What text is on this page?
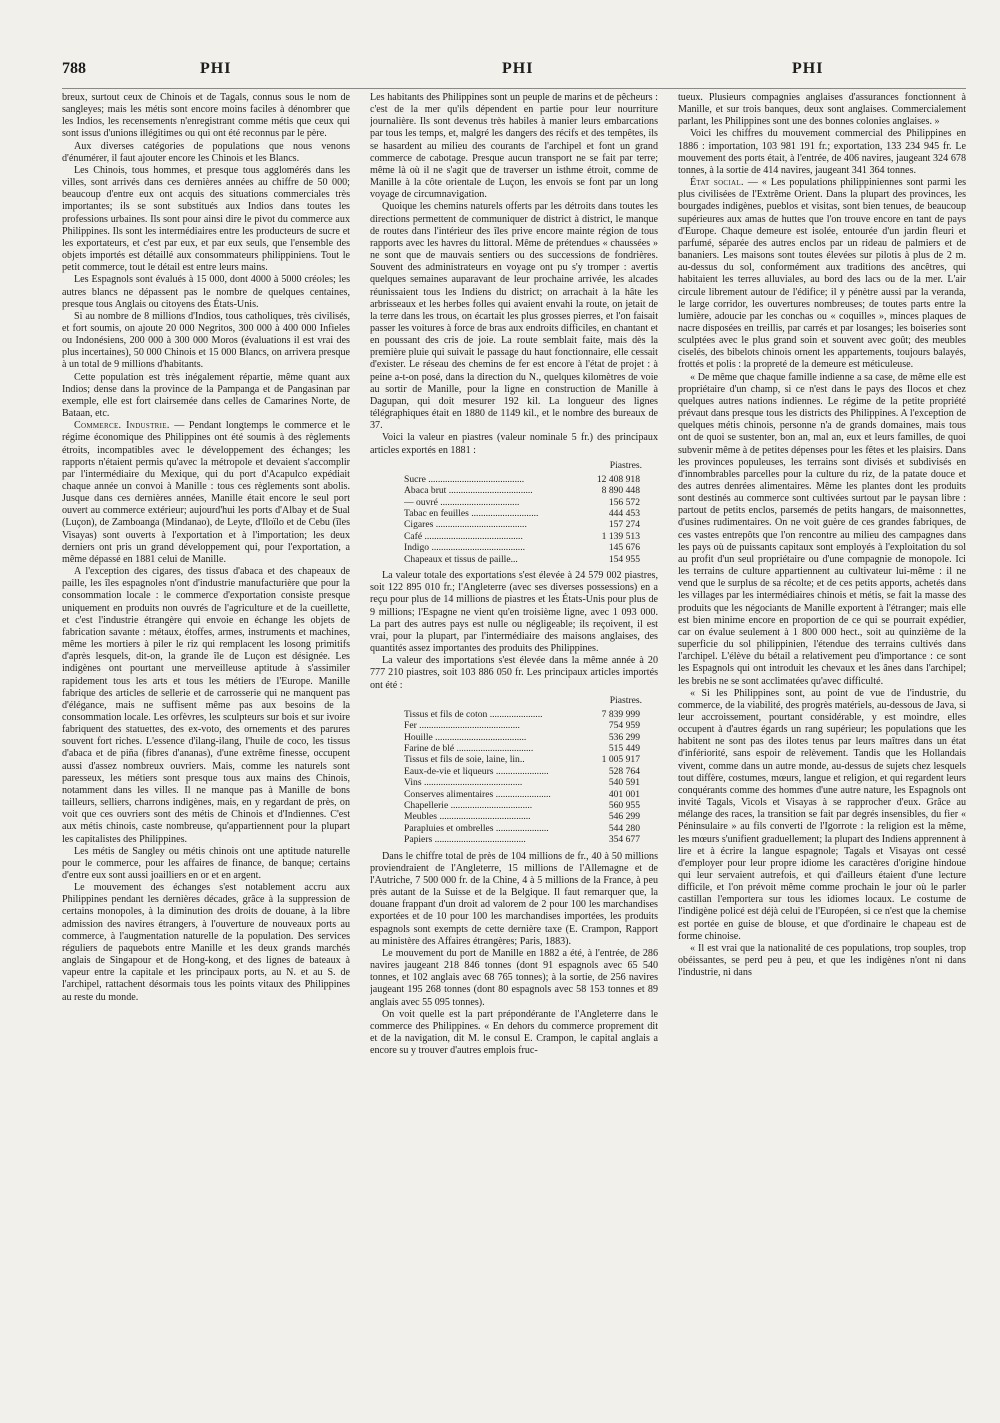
788	PHI	PHI	PHI

breux, surtout ceux de Chinois et de Tagals, connus sous le nom de sangleyes; mais les métis sont encore moins faciles à dénombrer que les Indios, les recensements n'enregistrant comme métis que ceux qui sont issus d'unions illégitimes ou qui ont été reconnus par le père.

Aux diverses catégories de populations que nous venons d'énumérer, il faut ajouter encore les Chinois et les Blancs.

Les Chinois, tous hommes, et presque tous agglomérés dans les villes, sont arrivés dans ces dernières années au chiffre de 50 000; beaucoup d'entre eux ont acquis des situations commerciales très importantes; ils se sont substitués aux Indios dans toutes les professions urbaines. Ils sont pour ainsi dire le pivot du commerce aux Philippines. Ils sont les intermédiaires entre les producteurs de sucre et les exportateurs, et c'est par eux, et par eux seuls, que l'ensemble des objets importés est détaillé aux consommateurs philippiniens. Tout le petit commerce, tout le détail est entre leurs mains.

Les Espagnols sont évalués à 15 000, dont 4000 à 5000 créoles; les autres blancs ne dépassent pas le nombre de quelques centaines, presque tous Anglais ou citoyens des États-Unis.

Si au nombre de 8 millions d'Indios, tous catholiques, très civilisés, et fort soumis, on ajoute 20 000 Negritos, 300 000 à 400 000 Infieles ou Indonésiens, 200 000 à 300 000 Moros (évaluations il est vrai des plus incertaines), 50 000 Chinois et 15 000 Blancs, on arrivera presque à un total de 9 millions d'habitants.

Cette population est très inégalement répartie, même quant aux Indios; dense dans la province de la Pampanga et de Pangasinan par exemple, elle est fort clairsemée dans celles de Camarines Norte, de Bataan, etc.

Commerce. Industrie. — Pendant longtemps le commerce et le régime économique des Philippines ont été soumis à des règlements étroits, incompatibles avec le développement des échanges; les rapports n'étaient permis qu'avec la métropole et devaient s'accomplir par l'intermédiaire du Mexique, qui du port d'Acapulco expédiait chaque année un convoi à Manille : tous ces règlements sont abolis. Jusque dans ces dernières années, Manille était encore le seul port ouvert au commerce extérieur; aujourd'hui les ports d'Albay et de Sual (Luçon), de Zamboanga (Mindanao), de Leyte, d'Iloïlo et de Cebu (îles Visayas) sont ouverts à l'exportation et à l'importation; les deux derniers ont pris un grand développement qui, pour l'exportation, a même dépassé en 1881 celui de Manille.

A l'exception des cigares, des tissus d'abaca et des chapeaux de paille, les îles espagnoles n'ont d'industrie manufacturière que pour la consommation locale : le commerce d'exportation consiste presque uniquement en produits non ouvrés de l'agriculture et de la cueillette, et c'est l'industrie étrangère qui envoie en échange les objets de fabrication savante : métaux, étoffes, armes, instruments et machines, même les mortiers à piler le riz qui remplacent les losong primitifs d'après lesquels, dit-on, la grande île de Luçon est désignée. Les indigènes ont pourtant une merveilleuse aptitude à s'assimiler rapidement tous les arts et tous les métiers de l'Europe. Manille fabrique des articles de sellerie et de carrosserie qui ne manquent pas d'élégance, mais ne suffisent même pas aux besoins de la consommation locale. Les orfèvres, les sculpteurs sur bois et sur ivoire fabriquent des statuettes, des ex-voto, des ornements et des parures souvent fort riches. L'essence d'ilang-ilang, l'huile de coco, les tissus d'abaca et de piña (fibres d'ananas), d'une extrême finesse, occupent aussi d'assez nombreux ouvriers. Mais, comme les naturels sont paresseux, les métiers sont presque tous aux mains des Chinois, notamment dans les villes. Il ne manque pas à Manille de bons tailleurs, selliers, charrons indigènes, mais, en y regardant de près, on voit que ces ouvriers sont des métis de Chinois et d'Indiennes. C'est aux métis chinois, caste nombreuse, qu'appartiennent pour la plupart les capitalistes des Philippines.

Les métis de Sangley ou métis chinois ont une aptitude naturelle pour le commerce, pour les affaires de finance, de banque; certains d'entre eux sont aussi joailliers en or et en argent.

Le mouvement des échanges s'est notablement accru aux Philippines pendant les dernières décades, grâce à la suppression de certains monopoles, à la diminution des droits de douane, à la libre admission des navires étrangers, à l'ouverture de nouveaux ports au commerce, à l'augmentation naturelle de la population. Des services réguliers de paquebots entre Manille et les deux grands marchés anglais de Singapour et de Hong-kong, et des lignes de bateaux à vapeur entre la capitale et les principaux ports, au N. et au S. de l'archipel, rattachent désormais tous les points vitaux des Philippines au reste du monde.

Les habitants des Philippines sont un peuple de marins et de pêcheurs : c'est de la mer qu'ils dépendent en partie pour leur nourriture journalière. Ils sont devenus très habiles à manier leurs embarcations par tous les temps, et, malgré les dangers des récifs et des tempêtes, ils se hasardent au milieu des courants de l'archipel et font un grand commerce de cabotage. Presque aucun transport ne se fait par terre; même là où il ne s'agit que de traverser un isthme étroit, comme de Manille à la côte orientale de Luçon, les envois se font par un long voyage de circumnavigation.

Quoique les chemins naturels offerts par les détroits dans toutes les directions permettent de communiquer de district à district, le manque de routes dans l'intérieur des îles prive encore mainte région de tous rapports avec les havres du littoral. Même de prétendues « chaussées » ne sont que de mauvais sentiers ou des successions de fondrières. Souvent des administrateurs en voyage ont pu s'y tromper : avertis quelques semaines auparavant de leur prochaine arrivée, les alcades réunissaient tous les Indiens du district; on arrachait à la hâte les arbrisseaux et les herbes folles qui avaient envahi la route, on jetait de la terre dans les trous, on écartait les plus grosses pierres, et l'on faisait passer les voitures à force de bras aux endroits difficiles, en chantant et en poussant des cris de joie. La route semblait faite, mais dès la première pluie qui suivait le passage du haut fonctionnaire, elle cessait d'exister. Le réseau des chemins de fer est encore à l'état de projet : à peine a-t-on posé, dans la direction du N., quelques kilomètres de voie au sortir de Manille, pour la ligne en construction de Manille à Dagupan, qui doit mesurer 192 kil. La longueur des lignes télégraphiques était en 1880 de 1149 kil., et le nombre des bureaux de 37.

Voici la valeur en piastres (valeur nominale 5 fr.) des principaux articles exportés en 1881 :

Piastres.
Sucre ........................................	12 408 918
Abaca brut ...................................	8 890 448
— ouvré .................................	156 572
Tabac en feuilles ............................	444 453
Cigares ......................................	157 274
Café .........................................	1 139 513
Indigo .......................................	145 676
Chapeaux et tissus de paille...	154 955

La valeur totale des exportations s'est élevée à 24 579 002 piastres, soit 122 895 010 fr.; l'Angleterre (avec ses diverses possessions) en a reçu pour plus de 14 millions de piastres et les États-Unis pour plus de 9 millions; l'Espagne ne vient qu'en troisième ligne, avec 1 093 000. La part des autres pays est nulle ou négligeable; ils reçoivent, il est vrai, pour la plupart, par l'intermédiaire des maisons anglaises, des quantités assez importantes des produits des Philippines.

La valeur des importations s'est élevée dans la même année à 20 777 210 piastres, soit 103 886 050 fr. Les principaux articles importés ont été :

Piastres.
Tissus et fils de coton ......................	7 839 999
Fer ..........................................	754 959
Houille ......................................	536 299
Farine de blé ................................	515 449
Tissus et fils de soie, laine, lin..	1 005 917
Eaux-de-vie et liqueurs ......................	528 764
Vins .........................................	540 591
Conserves alimentaires .......................	401 001
Chapellerie ..................................	560 955
Meubles ......................................	546 299
Parapluies et ombrelles ......................	544 280
Papiers ......................................	354 677

Dans le chiffre total de près de 104 millions de fr., 40 à 50 millions proviendraient de l'Angleterre, 15 millions de l'Allemagne et de l'Autriche, 7 500 000 fr. de la Chine, 4 à 5 millions de la France, à peu près autant de la Suisse et de la Belgique. Il faut remarquer que, la douane frappant d'un droit ad valorem de 2 pour 100 les marchandises exportées et de 10 pour 100 les marchandises importées, les produits espagnols sont exempts de cette dernière taxe (E. Crampon, Rapport au ministère des Affaires étrangères; Paris, 1883).

Le mouvement du port de Manille en 1882 a été, à l'entrée, de 286 navires jaugeant 218 846 tonnes (dont 91 espagnols avec 65 540 tonnes, et 102 anglais avec 68 765 tonnes); à la sortie, de 256 navires jaugeant 195 268 tonnes (dont 80 espagnols avec 58 153 tonnes et 89 anglais avec 55 095 tonnes).

On voit quelle est la part prépondérante de l'Angleterre dans le commerce des Philippines. « En dehors du commerce proprement dit et de la navigation, dit M. le consul E. Crampon, le capital anglais a encore su y trouver d'autres emplois fruc-

tueux. Plusieurs compagnies anglaises d'assurances fonctionnent à Manille, et sur trois banques, deux sont anglaises. Commercialement parlant, les Philippines sont une des bonnes colonies anglaises. »

Voici les chiffres du mouvement commercial des Philippines en 1886 : importation, 103 981 191 fr.; exportation, 133 234 945 fr. Le mouvement des ports était, à l'entrée, de 406 navires, jaugeant 324 678 tonnes, à la sortie de 414 navires, jaugeant 341 364 tonnes.

État social. — « Les populations philippiniennes sont parmi les plus civilisées de l'Extrême Orient. Dans la plupart des provinces, les bourgades indigènes, pueblos et visitas, sont bien tenues, de beaucoup supérieures aux amas de huttes que l'on trouve encore en tant de pays d'Europe. Chaque demeure est isolée, entourée d'un jardin fleuri et parfumé, séparée des autres enclos par un rideau de palmiers et de bananiers. Les maisons sont toutes élevées sur pilotis à plus de 2 m. au-dessus du sol, conformément aux traditions des ancêtres, qui habitaient les terres alluviales, au bord des lacs ou de la mer. L'air circule librement autour de l'édifice; il y pénètre aussi par la veranda, le large corridor, les ouvertures nombreuses; de toutes parts entre la lumière, adoucie par les conchas ou « coquilles », minces plaques de nacre disposées en treillis, par carrés et par losanges; les boiseries sont sculptées avec le plus grand soin et souvent avec goût; des meubles ciselés, des bibelots chinois ornent les appartements, toujours balayés, frottés et polis : la propreté de la demeure est méticuleuse.

« De même que chaque famille indienne a sa case, de même elle est propriétaire d'un champ, si ce n'est dans le pays des Ilocos et chez quelques autres nations indiennes. Le régime de la petite propriété prévaut dans presque tous les districts des Philippines. A l'exception de quelques métis chinois, personne n'a de grands domaines, mais tous ont de quoi se sustenter, bon an, mal an, eux et leurs familles, de quoi subvenir même à de petites dépenses pour les fêtes et les plaisirs. Dans les provinces populeuses, les terrains sont divisés et subdivisés en d'innombrables parcelles pour la culture du riz, de la patate douce et des autres denrées alimentaires. Même les plantes dont les produits sont destinés au commerce sont cultivées surtout par le paysan libre : partout de petits enclos, parsemés de petits hangars, de maisonnettes, d'usines rudimentaires. On ne voit guère de ces grandes fabriques, de ces vastes entrepôts que l'on rencontre au milieu des campagnes dans les pays où de puissants capitaux sont employés à l'exploitation du sol au profit d'un seul propriétaire ou d'une compagnie de monopole. Ici les terrains de culture appartiennent au cultivateur lui-même : il ne vend que le surplus de sa récolte; et de ces petits apports, achetés dans les villages par les intermédiaires chinois et métis, se fait la masse des produits que les négociants de Manille exportent à l'étranger; mais elle est bien minime encore en proportion de ce qui se pourrait expédier, car on évalue seulement à 1 800 000 hect., soit au quinzième de la superficie du sol philippinien, l'étendue des terrains cultivés dans l'archipel. L'élève du bétail a relativement peu d'importance : ce sont les Espagnols qui ont introduit les chevaux et les ânes dans l'archipel; les brebis ne se sont acclimatées qu'avec difficulté.

« Si les Philippines sont, au point de vue de l'industrie, du commerce, de la viabilité, des progrès matériels, au-dessous de Java, si leur accroissement, pourtant considérable, y est moindre, elles occupent à d'autres égards un rang supérieur; les populations que les habitent ne sont pas des ilotes tenus par leurs maîtres dans un état d'infériorité, sans espoir de relèvement. Tandis que les Hollandais vivent, comme dans un autre monde, au-dessus de sujets chez lesquels tout diffère, costumes, mœurs, langue et religion, et qui regardent leurs conquérants comme des hommes d'une autre nature, les Espagnols ont invité Tagals, Vicols et Visayas à se rapprocher d'eux. Grâce au mélange des races, la transition se fait par degrés insensibles, du fier « Péninsulaire » au fils converti de l'Igorrote : la religion est la même, les mœurs s'unifient graduellement; la plupart des Indiens apprennent à lire et à écrire la langue espagnole; Tagals et Visayas ont cessé d'employer pour leur propre idiome les caractères d'origine hindoue qui leur servaient autrefois, et qui d'ailleurs étaient d'une lecture difficile, et l'on prévoit même comme prochain le jour où le parler castillan l'emportera sur tous les idiomes locaux. Le costume de l'indigène policé est déjà celui de l'Européen, si ce n'est que la chemise est portée en guise de blouse, et que d'ordinaire le chapeau est de forme chinoise.

« Il est vrai que la nationalité de ces populations, trop souples, trop obéissantes, se perd peu à peu, et que les indigènes n'ont ni dans l'industrie, ni dans
